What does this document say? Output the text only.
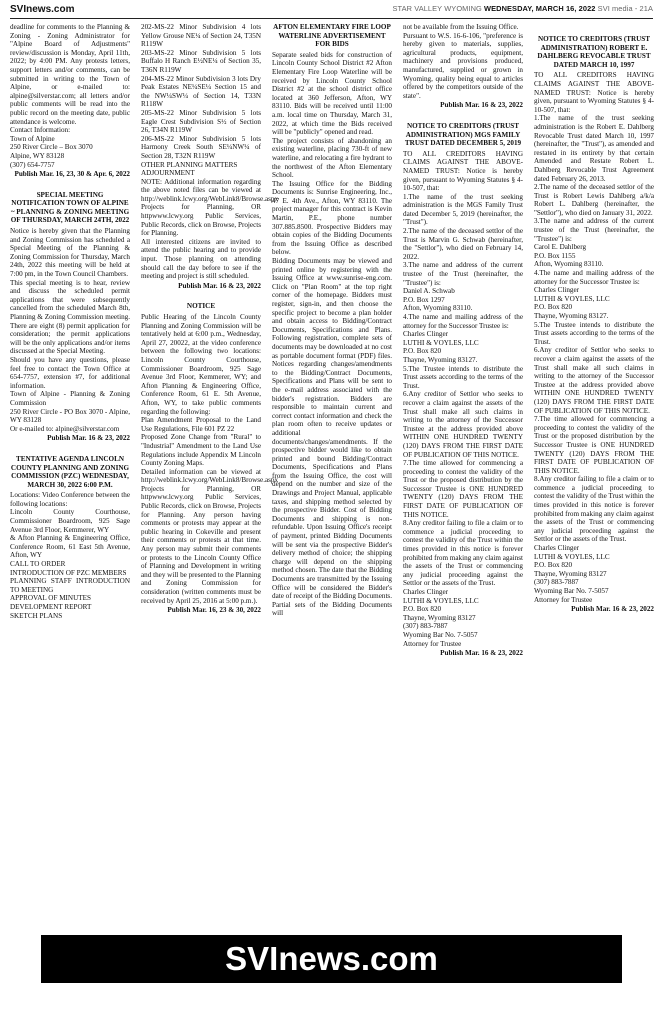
SVInews.com	STAR VALLEY WYOMING WEDNESDAY, MARCH 16, 2022 SVI media - 21A

deadline for comments to the Planning & Zoning - Zoning Administrator for "Alpine Board of Adjustments" review/discussion is Monday, April 11th, 2022; by 4:00 PM. Any protests letters, support letters and/or comments, can be submitted in writing to the Town of Alpine, or e-mailed to: alpine@silverstar.com; all letters and/or public comments will be read into the public record on the meeting date, public attendance is welcome.

Contact Information:

Town of Alpine

250 River Circle – Box 3070

Alpine, WY 83128

(307) 654-7757

Publish Mar. 16, 23, 30 & Apr. 6, 2022

SPECIAL MEETING NOTIFICATION TOWN OF ALPINE ~ PLANNING & ZONING MEETING OF THURSDAY, MARCH 24TH, 2022

Notice is hereby given that the Planning and Zoning Commission has scheduled a Special Meeting of the Planning & Zoning Commission for Thursday, March 24th, 2022 this meeting will be held at 7:00 pm, in the Town Council Chambers.

This special meeting is to hear, review and discuss the scheduled permit applications that were subsequently cancelled from the scheduled March 8th, Planning & Zoning Commission meeting. There are eight (8) permit application for consideration; the permit applications will be the only applications and/or items discussed at the Special Meeting.

Should you have any questions, please feel free to contact the Town Office at 654-7757, extension #7, for additional information.

Town of Alpine - Planning & Zoning Commission

250 River Circle - PO Box 3070 - Alpine, WY 83128

Or e-mailed to: alpine@silverstar.com

Publish Mar. 16 & 23, 2022

TENTATIVE AGENDA LINCOLN COUNTY PLANNING AND ZONING COMMISSION (PZC) WEDNESDAY, MARCH 30, 2022 6:00 P.M.

Locations: Video Conference between the following locations:

Lincoln County Courthouse, Commissioner Boardroom, 925 Sage Avenue 3rd Floor, Kemmerer, WY

& Afton Planning & Engineering Office, Conference Room, 61 East 5th Avenue, Afton, WY

CALL TO ORDER

INTRODUCTION OF PZC MEMBERS

PLANNING STAFF INTRODUCTION TO MEETING

APPROVAL OF MINUTES

DEVELOPMENT REPORT

SKETCH PLANS

202-MS-22 Minor Subdivision 4 lots Yellow Grouse NE¼ of Section 24, T35N R119W

203-MS-22 Minor Subdivision 5 lots Buffalo H Ranch E½NE¼ of Section 35, T36N R119W

204-MS-22 Minor Subdivision 3 lots Dry Peak Estates NE¼SE¼ Section 15 and the NW¼SW¼ of Section 14, T33N R118W

205-MS-22 Minor Subdivision 5 lots Eagle Crest Subdivision S½ of Section 26, T34N R119W

206-MS-22 Minor Subdivision 5 lots Harmony Creek South SE¼NW¼ of Section 28, T32N R119W

OTHER PLANNING MATTERS

ADJOURNMENT

NOTE: Additional information regarding the above noted files can be viewed at http://weblink.lcwy.org/WebLink8/Browse.aspx Projects for Planning, OR httpwww.lcwy.org Public Services, Public Records, click on Browse, Projects for Planning.

All interested citizens are invited to attend the public hearing and to provide input. Those planning on attending should call the day before to see if the meeting and project is still scheduled.

Publish Mar. 16 & 23, 2022

NOTICE

Public Hearing of the Lincoln County Planning and Zoning Commission will be tentatively held at 6:00 p.m., Wednesday, April 27, 20022, at the video conference between the following two locations: Lincoln County Courthouse, Commissioner Boardroom, 925 Sage Avenue 3rd Floor, Kemmerer, WY; and Afton Planning & Engineering Office, Conference Room, 61 E. 5th Avenue, Afton, WY, to take public comments regarding the following:

Plan Amendment Proposal to the Land Use Regulations, File 601 PZ 22

Proposed Zone Change from "Rural" to "Industrial" Amendment to the Land Use Regulations include Appendix M Lincoln County Zoning Maps.

Detailed information can be viewed at http://weblink.lcwy.org/WebLink8/Browse.aspx Projects for Planning, OR httpwww.lcwy.org Public Services, Public Records, click on Browse, Projects for Planning. Any person having comments or protests may appear at the public hearing in Cokeville and present their comments or protests at that time. Any person may submit their comments or protests to the Lincoln County Office of Planning and Development in writing and they will be presented to the Planning and Zoning Commission for consideration (written comments must be received by April 25, 2016 at 5:00 p.m.).

Publish Mar. 16, 23 & 30, 2022

AFTON ELEMENTARY FIRE LOOP WATERLINE ADVERTISEMENT FOR BIDS

Separate sealed bids for construction of Lincoln County School District #2 Afton Elementary Fire Loop Waterline will be received by Lincoln County School District #2 at the school district office located at 360 Jefferson, Afton, WY 83110. Bids will be received until 11:00 a.m. local time on Thursday, March 31, 2022, at which time the Bids received will be "publicly" opened and read.

The project consists of abandoning an existing waterline, placing 730-ft of new waterline, and relocating a fire hydrant to the northwest of the Afton Elementary School.

The Issuing Office for the Bidding Documents is: Sunrise Engineering, Inc., 47 E. 4th Ave., Afton, WY 83110. The project manager for this contract is Kevin Martin, P.E., phone number 307.885.8500. Prospective Bidders may obtain copies of the Bidding Documents from the Issuing Office as described below.

Bidding Documents may be viewed and printed online by registering with the Issuing Office at www.sunrise-eng.com. Click on "Plan Room" at the top right corner of the homepage. Bidders must register, sign-in, and then choose the specific project to become a plan holder and obtain access to Bidding/Contract Documents, Specifications and Plans. Following registration, complete sets of documents may be downloaded at no cost as portable document format (PDF) files. Notices regarding changes/amendments to the Bidding/Contract Documents, Specifications and Plans will be sent to the e-mail address associated with the bidder's registration. Bidders are responsible to maintain current and correct contact information and check the plan room often to receive updates or additional documents/changes/amendments. If the prospective bidder would like to obtain printed and bound Bidding/Contract Documents, Specifications and Plans from the Issuing Office, the cost will depend on the number and size of the Drawings and Project Manual, applicable taxes, and shipping method selected by the prospective Bidder. Cost of Bidding Documents and shipping is non-refundable. Upon Issuing Office's receipt of payment, printed Bidding Documents will be sent via the prospective Bidder's delivery method of choice; the shipping charge will depend on the shipping method chosen. The date that the Bidding Documents are transmitted by the Issuing Office will be considered the Bidder's date of receipt of the Bidding Documents. Partial sets of the Bidding Documents will

not be available from the Issuing Office.

Pursuant to W.S. 16-6-106, "preference is hereby given to materials, supplies, agricultural products, equipment, machinery and provisions produced, manufactured, supplied or grown in Wyoming, quality being equal to articles offered by the competitors outside of the state".

Publish Mar. 16 & 23, 2022

NOTICE TO CREDITORS (TRUST ADMINISTRATION) MGS FAMILY TRUST DATED DECEMBER 5, 2019

TO ALL CREDITORS HAVING CLAIMS AGAINST THE ABOVE-NAMED TRUST: Notice is hereby given, pursuant to Wyoming Statutes § 4-10-507, that:

1.The name of the trust seeking administration is the MGS Family Trust dated December 5, 2019 (hereinafter, the "Trust").

2.The name of the deceased settlor of the Trust is Marvin G. Schwab (hereinafter, the "Settlor"), who died on February 14, 2022.

3.The name and address of the current trustee of the Trust (hereinafter, the "Trustee") is:

Daniel A. Schwab

P.O. Box 1297

Afton, Wyoming 83110.

4.The name and mailing address of the attorney for the Successor Trustee is:

Charles Clinger

LUTHI & VOYLES, LLC

P.O. Box 820

Thayne, Wyoming 83127.

5.The Trustee intends to distribute the Trust assets according to the terms of the Trust.

6.Any creditor of Settlor who seeks to recover a claim against the assets of the Trust shall make all such claims in writing to the attorney of the Successor Trustee at the address provided above WITHIN ONE HUNDRED TWENTY (120) DAYS FROM THE FIRST DATE OF PUBLICATION OF THIS NOTICE.

7.The time allowed for commencing a proceeding to contest the validity of the Trust or the proposed distribution by the Successor Trustee is ONE HUNDRED TWENTY (120) DAYS FROM THE FIRST DATE OF PUBLICATION OF THIS NOTICE.

8.Any creditor failing to file a claim or to commence a judicial proceeding to contest the validity of the Trust within the times provided in this notice is forever prohibited from making any claim against the assets of the Trust or commencing any judicial proceeding against the Settlor or the assets of the Trust.

Charles Clinger

LUTHI & VOYLES, LLC

P.O. Box 820

Thayne, Wyoming 83127

(307) 883-7887

Wyoming Bar No. 7-5057

Attorney for Trustee

Publish Mar. 16 & 23, 2022

NOTICE TO CREDITORS (TRUST ADMINISTRATION) ROBERT E. DAHLBERG REVOCABLE TRUST DATED MARCH 10, 1997

TO ALL CREDITORS HAVING CLAIMS AGAINST THE ABOVE-NAMED TRUST: Notice is hereby given, pursuant to Wyoming Statutes § 4-10-507, that:

1.The name of the trust seeking administration is the Robert E. Dahlberg Revocable Trust dated March 10, 1997 (hereinafter, the "Trust"), as amended and restated in its entirety by that certain Amended and Restate Robert L. Dahlberg Revocable Trust Agreement dated February 26, 2013.

2.The name of the deceased settlor of the Trust is Robert Lewis Dahlberg a/k/a Robert L. Dahlberg (hereinafter, the "Settlor"), who died on January 31, 2022.

3.The name and address of the current trustee of the Trust (hereinafter, the "Trustee") is:

Carol E. Dahlberg

P.O. Box 1155

Afton, Wyoming 83110.

4.The name and mailing address of the attorney for the Successor Trustee is:

Charles Clinger

LUTHI & VOYLES, LLC

P.O. Box 820

Thayne, Wyoming 83127.

5.The Trustee intends to distribute the Trust assets according to the terms of the Trust.

6.Any creditor of Settlor who seeks to recover a claim against the assets of the Trust shall make all such claims in writing to the attorney of the Successor Trustee at the address provided above WITHIN ONE HUNDRED TWENTY (120) DAYS FROM THE FIRST DATE OF PUBLICATION OF THIS NOTICE.

7.The time allowed for commencing a proceeding to contest the validity of the Trust or the proposed distribution by the Successor Trustee is ONE HUNDRED TWENTY (120) DAYS FROM THE FIRST DATE OF PUBLICATION OF THIS NOTICE.

8.Any creditor failing to file a claim or to commence a judicial proceeding to contest the validity of the Trust within the times provided in this notice is forever prohibited from making any claim against the assets of the Trust or commencing any judicial proceeding against the Settlor or the assets of the Trust.

Charles Clinger

LUTHI & VOYLES, LLC

P.O. Box 820

Thayne, Wyoming 83127

(307) 883-7887

Wyoming Bar No. 7-5057

Attorney for Trustee

Publish Mar. 16 & 23, 2022

SVInews.com
